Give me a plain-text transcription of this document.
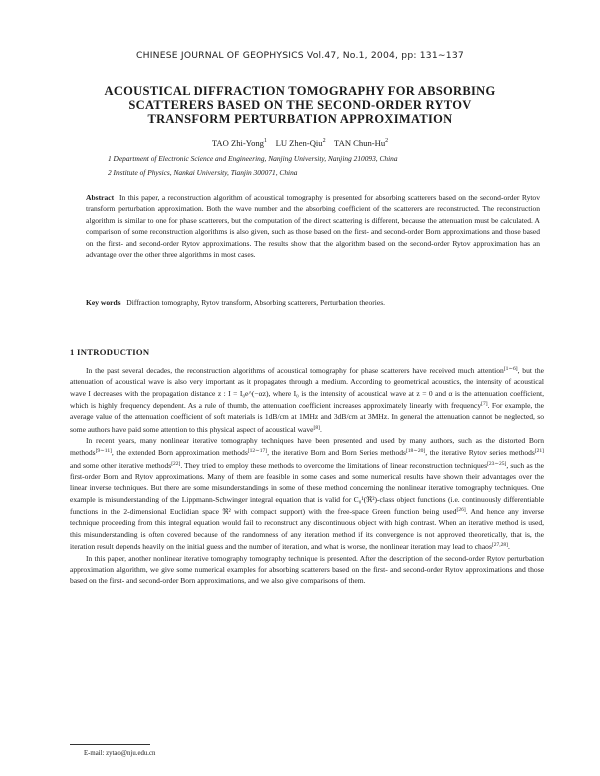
CHINESE JOURNAL OF GEOPHYSICS Vol.47, No.1, 2004, pp: 131∼137
ACOUSTICAL DIFFRACTION TOMOGRAPHY FOR ABSORBING
SCATTERERS BASED ON THE SECOND-ORDER RYTOV
TRANSFORM PERTURBATION APPROXIMATION
TAO Zhi-Yong$^1$ LU Zhen-Qiu$^2$ TAN Chun-Hu$^2$
1 Department of Electronic Science and Engineering, Nanjing University, Nanjing 210093, China
2 Institute of Physics, Nankai University, Tianjin 300071, China
Abstract In this paper, a reconstruction algorithm of acoustical tomography is presented for absorbing scatterers based on the second-order Rytov transform perturbation approximation. Both the wave number and the absorbing coefficient of the scatterers are reconstructed. The reconstruction algorithm is similar to one for phase scatterers, but the computation of the direct scattering is different, because the attenuation must be calculated. A comparison of some reconstruction algorithms is also given, such as those based on the first- and second-order Born approximations and those based on the first- and second-order Rytov approximations. The results show that the algorithm based on the second-order Rytov approximation has an advantage over the other three algorithms in most cases.
Key words Diffraction tomography, Rytov transform, Absorbing scatterers, Perturbation theories.
1 INTRODUCTION

In the past several decades, the reconstruction algorithms of acoustical tomography for phase scatterers have received much attention[1∼6], but the attenuation of acoustical wave is also very important as it propagates through a medium. According to geometrical acoustics, the intensity of acoustical wave I decreases with the propagation distance z : I = I₀e^(−αz), where I₀ is the intensity of acoustical wave at z = 0 and α is the attenuation coefficient, which is highly frequency dependent. As a rule of thumb, the attenuation coefficient increases approximately linearly with frequency[7]. For example, the average value of the attenuation coefficient of soft materials is 1dB/cm at 1MHz and 3dB/cm at 3MHz. In general the attenuation cannot be neglected, so some authors have paid some attention to this physical aspect of acoustical wave[8].

In recent years, many nonlinear iterative tomography techniques have been presented and used by many authors, such as the distorted Born methods[9∼11], the extended Born approximation methods[12∼17], the iterative Born and Born Series methods[18∼20], the iterative Rytov series methods[21] and some other iterative methods[22]. They tried to employ these methods to overcome the limitations of linear reconstruction techniques[23∼25], such as the first-order Born and Rytov approximations. Many of them are feasible in some cases and some numerical results have shown their advantages over the linear inverse techniques. But there are some misunderstandings in some of these method concerning the nonlinear iterative tomography techniques. One example is misunderstanding of the Lippmann-Schwinger integral equation that is valid for C₀¹(ℜ²)-class object functions (i.e. continuously differentiable functions in the 2-dimensional Euclidian space ℜ² with compact support) with the free-space Green function being used[26]. And hence any inverse technique proceeding from this integral equation would fail to reconstruct any discontinuous object with high contrast. When an iterative method is used, this misunderstanding is often covered because of the randomness of any iteration method if its convergence is not approved theoretically, that is, the iteration result depends heavily on the initial guess and the number of iteration, and what is worse, the nonlinear iteration may lead to chaos[27,28].

In this paper, another nonlinear iterative tomography tomography technique is presented. After the description of the second-order Rytov perturbation approximation algorithm, we give some numerical examples for absorbing scatterers based on the first- and second-order Rytov approximations and those based on the first- and second-order Born approximations, and we also give comparisons of them.

E-mail: zytao@nju.edu.cn
